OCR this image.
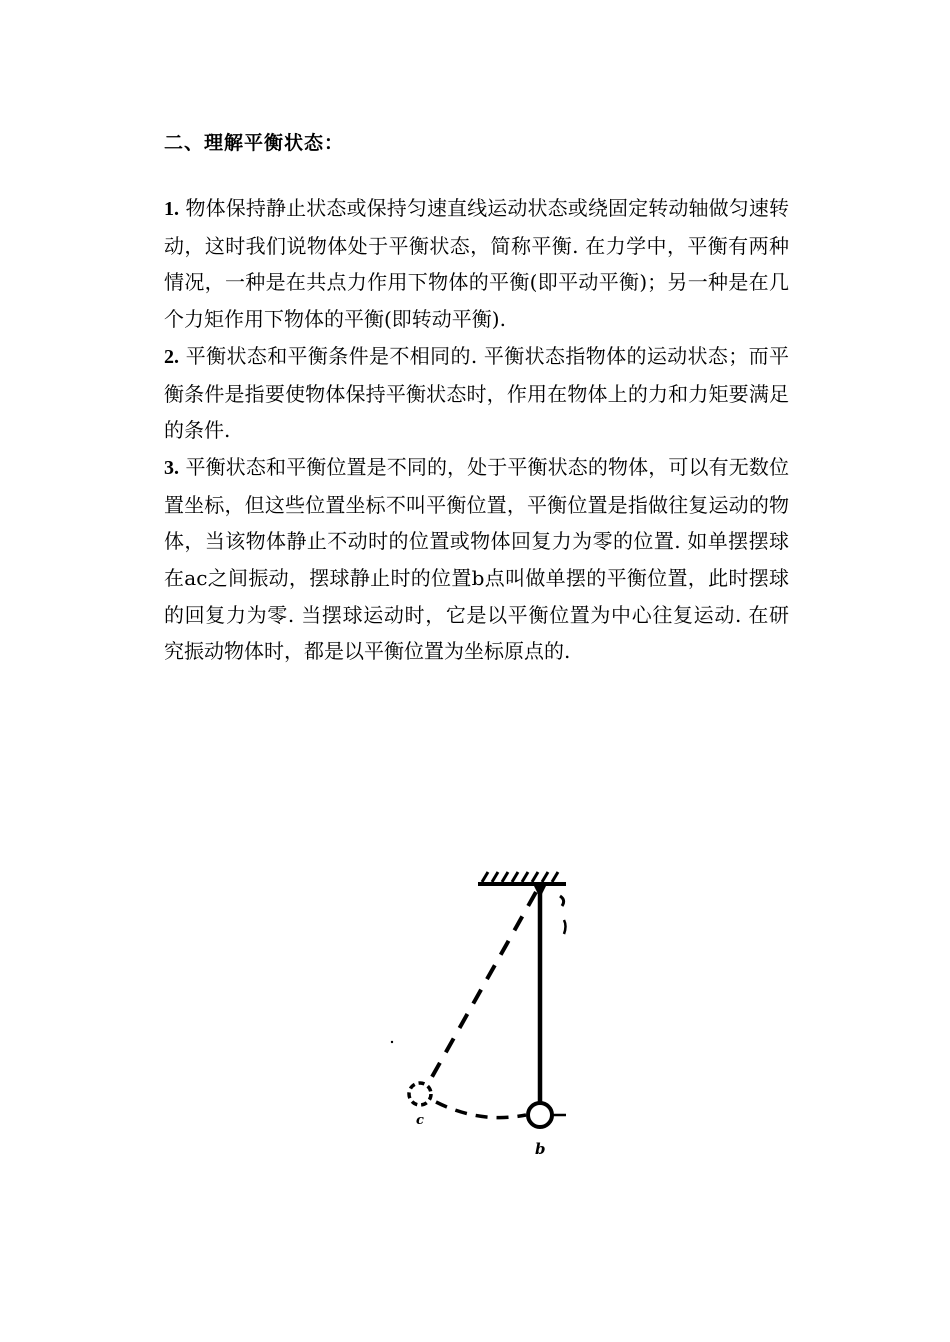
二、理解平衡状态：

1. 物体保持静止状态或保持匀速直线运动状态或绕固定转动轴做匀速转动，这时我们说物体处于平衡状态，简称平衡. 在力学中，平衡有两种情况，一种是在共点力作用下物体的平衡(即平动平衡)；另一种是在几个力矩作用下物体的平衡(即转动平衡).

2. 平衡状态和平衡条件是不相同的. 平衡状态指物体的运动状态；而平衡条件是指要使物体保持平衡状态时，作用在物体上的力和力矩要满足的条件.

3. 平衡状态和平衡位置是不同的，处于平衡状态的物体，可以有无数位置坐标，但这些位置坐标不叫平衡位置，平衡位置是指做往复运动的物体，当该物体静止不动时的位置或物体回复力为零的位置. 如单摆摆球在ac之间振动，摆球静止时的位置b点叫做单摆的平衡位置，此时摆球的回复力为零. 当摆球运动时，它是以平衡位置为中心往复运动. 在研究振动物体时，都是以平衡位置为坐标原点的.

c
b
